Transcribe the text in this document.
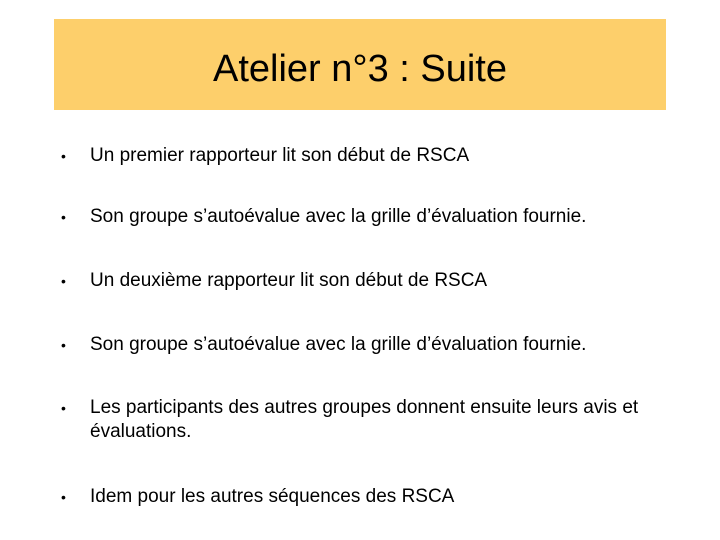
Atelier n°3 : Suite
•	Un premier rapporteur lit son début de RSCA
•	Son groupe s’autoévalue avec la grille d’évaluation fournie.
•	Un deuxième rapporteur lit son début de RSCA
•	Son groupe s’autoévalue avec la grille d’évaluation fournie.
•	Les participants des autres groupes donnent ensuite leurs avis et évaluations.
•	Idem pour les autres séquences des RSCA
